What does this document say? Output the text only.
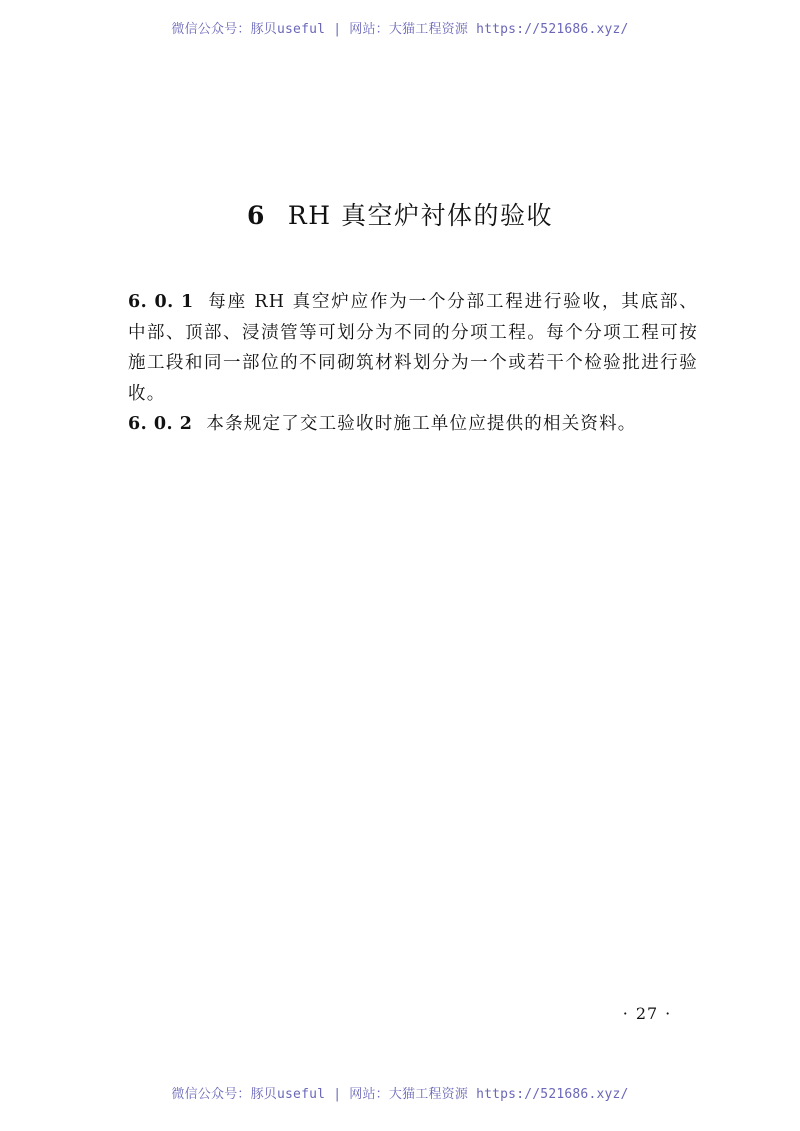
微信公众号：豚贝useful | 网站：大猫工程资源 https://521686.xyz/
6 RH 真空炉衬体的验收
6. 0. 1 每座 RH 真空炉应作为一个分部工程进行验收，其底部、中部、顶部、浸渍管等可划分为不同的分项工程。每个分项工程可按施工段和同一部位的不同砌筑材料划分为一个或若干个检验批进行验收。
6. 0. 2 本条规定了交工验收时施工单位应提供的相关资料。
· 27 ·
微信公众号：豚贝useful | 网站：大猫工程资源 https://521686.xyz/
